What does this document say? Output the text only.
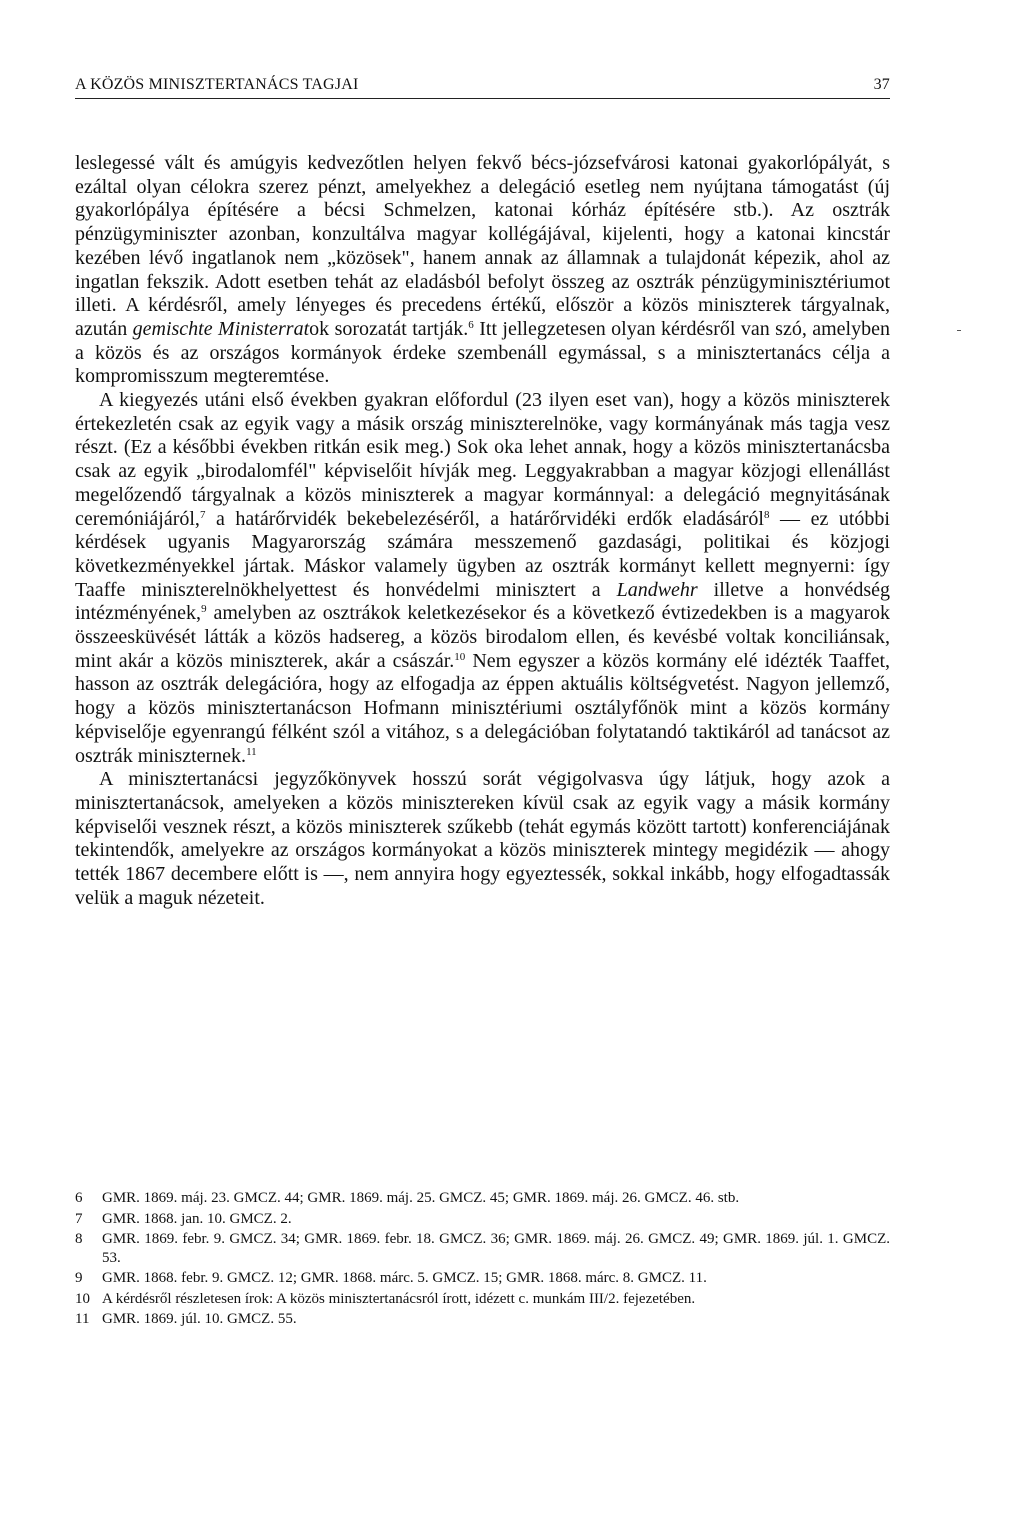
A KÖZÖS MINISZTERTANÁCS TAGJAI	37

leslegessé vált és amúgyis kedvezőtlen helyen fekvő bécs-józsefvárosi katonai gyakorlópályát, s ezáltal olyan célokra szerez pénzt, amelyekhez a delegáció esetleg nem nyújtana támogatást (új gyakorlópálya építésére a bécsi Schmelzen, katonai kórház építésére stb.). Az osztrák pénzügyminiszter azonban, konzultálva magyar kollégájával, kijelenti, hogy a katonai kincstár kezében lévő ingatlanok nem „közösek", hanem annak az államnak a tulajdonát képezik, ahol az ingatlan fekszik. Adott esetben tehát az eladásból befolyt összeg az osztrák pénzügyminisztériumot illeti. A kérdésről, amely lényeges és precedens értékű, először a közös miniszterek tárgyalnak, azután gemischte Ministerratok sorozatát tartják.$^6$ Itt jellegzetesen olyan kérdésről van szó, amelyben a közös és az országos kormányok érdeke szembenáll egymással, s a minisztertanács célja a kompromisszum megteremtése.

A kiegyezés utáni első években gyakran előfordul (23 ilyen eset van), hogy a közös miniszterek értekezletén csak az egyik vagy a másik ország miniszterelnöke, vagy kormányának más tagja vesz részt. (Ez a későbbi években ritkán esik meg.) Sok oka lehet annak, hogy a közös minisztertanácsba csak az egyik „birodalomfél" képviselőit hívják meg. Leggyakrabban a magyar közjogi ellenállást megelőzendő tárgyalnak a közös miniszterek a magyar kormánnyal: a delegáció megnyitásának ceremóniájáról,$^7$ a határőrvidék bekebelezéséről, a határőrvidéki erdők eladásáról$^8$ — ez utóbbi kérdések ugyanis Magyarország számára messzemenő gazdasági, politikai és közjogi következményekkel jártak. Máskor valamely ügyben az osztrák kormányt kellett megnyerni: így Taaffe miniszterelnökhelyettest és honvédelmi minisztert a Landwehr illetve a honvédség intézményének,$^9$ amelyben az osztrákok keletkezésekor és a következő évtizedekben is a magyarok összeesküvését látták a közös hadsereg, a közös birodalom ellen, és kevésbé voltak konciliánsak, mint akár a közös miniszterek, akár a császár.$^{10}$ Nem egyszer a közös kormány elé idézték Taaffet, hasson az osztrák delegációra, hogy az elfogadja az éppen aktuális költségvetést. Nagyon jellemző, hogy a közös minisztertanácson Hofmann minisztériumi osztályfőnök mint a közös kormány képviselője egyenrangú félként szól a vitához, s a delegációban folytatandó taktikáról ad tanácsot az osztrák miniszternek.$^{11}$

A minisztertanácsi jegyzőkönyvek hosszú sorát végigolvasva úgy látjuk, hogy azok a minisztertanácsok, amelyeken a közös minisztereken kívül csak az egyik vagy a másik kormány képviselői vesznek részt, a közös miniszterek szűkebb (tehát egymás között tartott) konferenciájának tekintendők, amelyekre az országos kormányokat a közös miniszterek mintegy megidézik — ahogy tették 1867 decembere előtt is —, nem annyira hogy egyeztessék, sokkal inkább, hogy elfogadtassák velük a maguk nézeteit.

6 GMR. 1869. máj. 23. GMCZ. 44; GMR. 1869. máj. 25. GMCZ. 45; GMR. 1869. máj. 26. GMCZ. 46. stb.
7 GMR. 1868. jan. 10. GMCZ. 2.
8 GMR. 1869. febr. 9. GMCZ. 34; GMR. 1869. febr. 18. GMCZ. 36; GMR. 1869. máj. 26. GMCZ. 49; GMR. 1869. júl. 1. GMCZ. 53.
9 GMR. 1868. febr. 9. GMCZ. 12; GMR. 1868. márc. 5. GMCZ. 15; GMR. 1868. márc. 8. GMCZ. 11.
10 A kérdésről részletesen írok: A közös minisztertanácsról írott, idézett c. munkám III/2. fejezetében.
11 GMR. 1869. júl. 10. GMCZ. 55.
